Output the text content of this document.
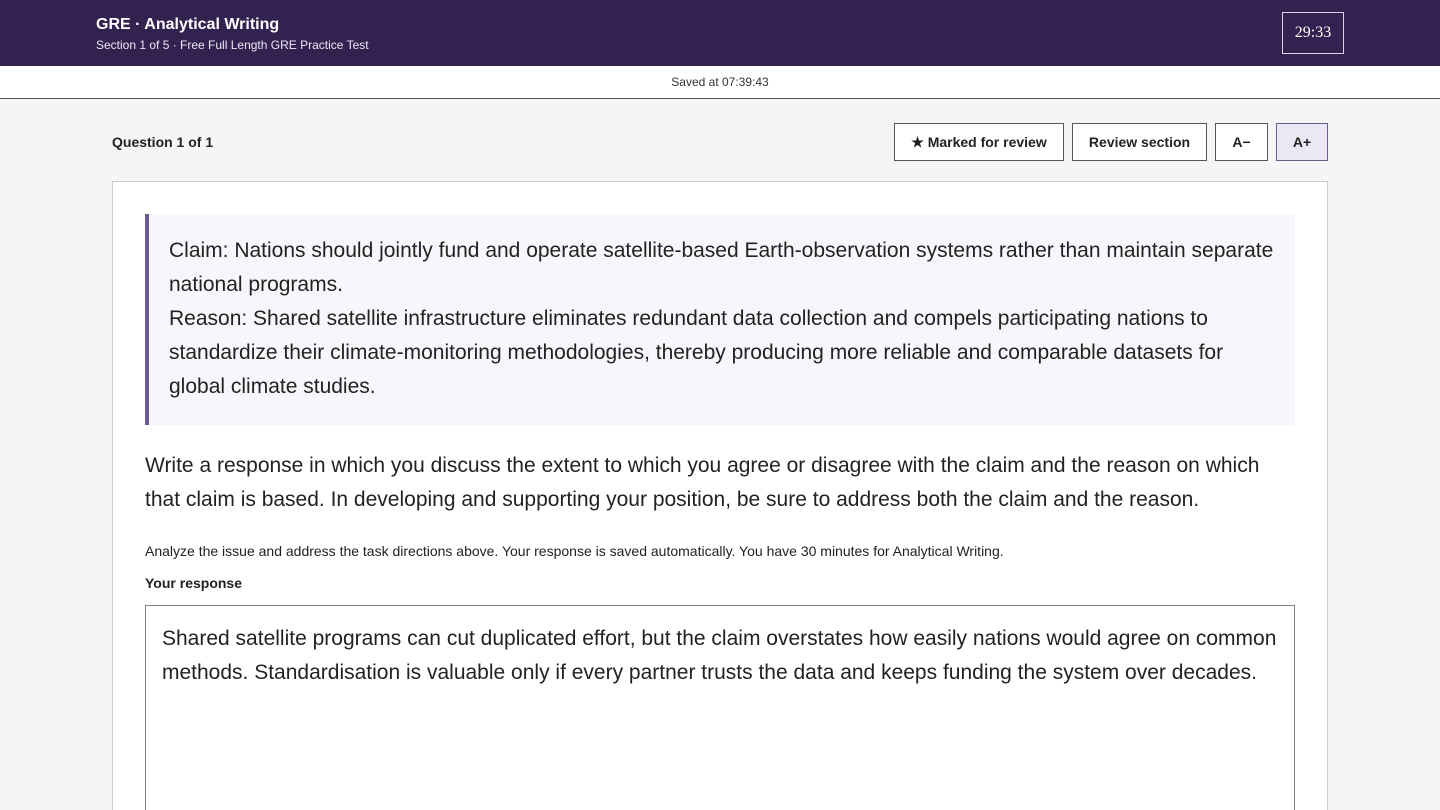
GRE · Analytical Writing
Section 1 of 5 · Free Full Length GRE Practice Test
29:33
Saved at 07:39:43
Question 1 of 1	★ Marked for review	Review section	A−	A+
Claim: Nations should jointly fund and operate satellite-based Earth-observation systems rather than maintain separate national programs.
Reason: Shared satellite infrastructure eliminates redundant data collection and compels participating nations to standardize their climate-monitoring methodologies, thereby producing more reliable and comparable datasets for global climate studies.
Write a response in which you discuss the extent to which you agree or disagree with the claim and the reason on which that claim is based. In developing and supporting your position, be sure to address both the claim and the reason.
Analyze the issue and address the task directions above. Your response is saved automatically. You have 30 minutes for Analytical Writing.
Your response
Shared satellite programs can cut duplicated effort, but the claim overstates how easily nations would agree on common methods. Standardisation is valuable only if every partner trusts the data and keeps funding the system over decades.
